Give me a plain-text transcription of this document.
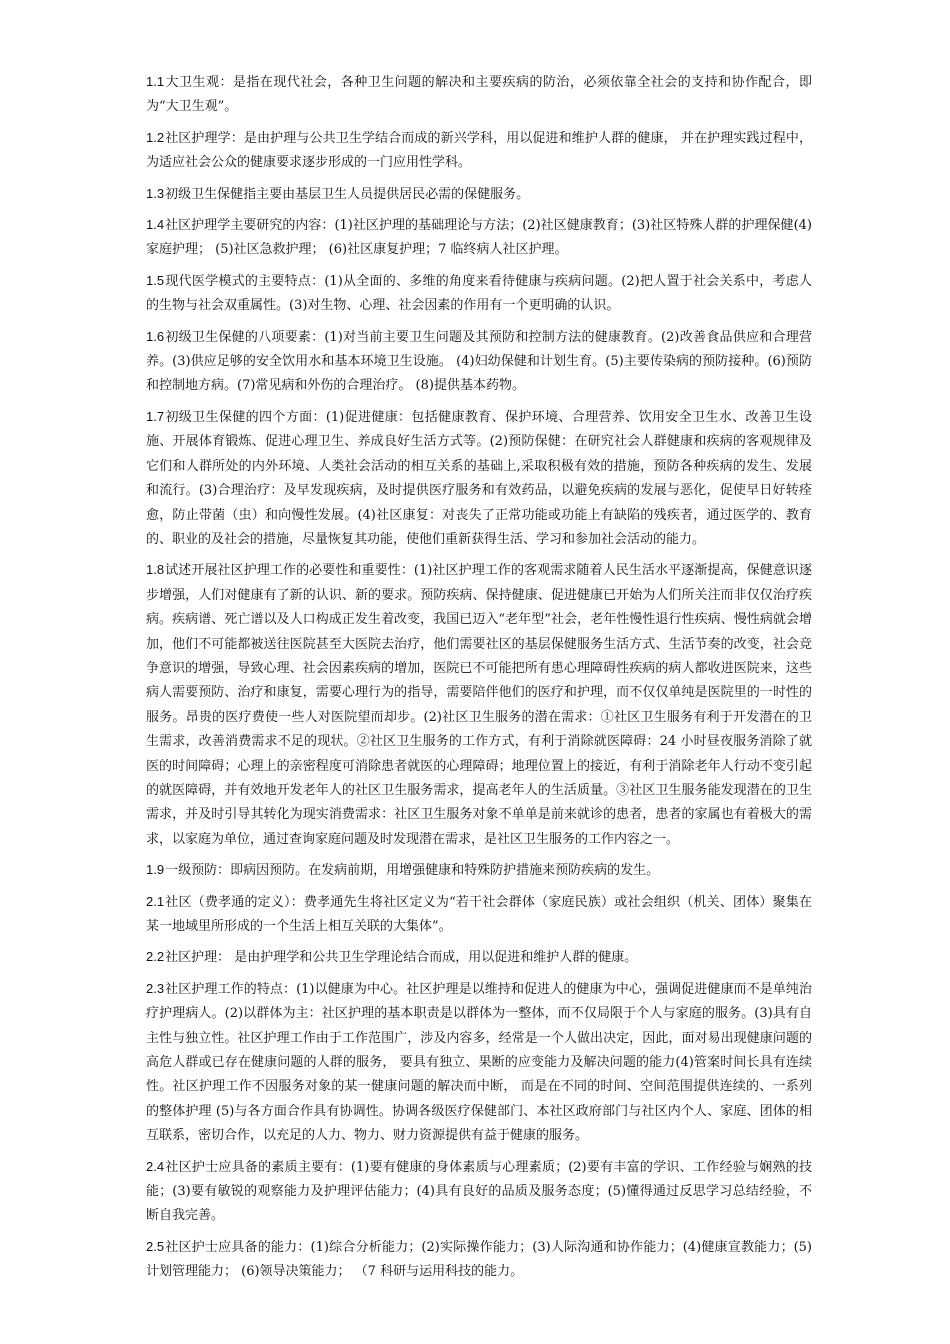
1.1大卫生观：是指在现代社会，各种卫生问题的解决和主要疾病的防治，必须依靠全社会的支持和协作配合，即为“大卫生观”。

1.2社区护理学：是由护理与公共卫生学结合而成的新兴学科，用以促进和维护人群的健康， 并在护理实践过程中，为适应社会公众的健康要求逐步形成的一门应用性学科。

1.3初级卫生保健指主要由基层卫生人员提供居民必需的保健服务。

1.4社区护理学主要研究的内容：(1)社区护理的基础理论与方法；(2)社区健康教育；(3)社区特殊人群的护理保健(4)家庭护理； (5)社区急救护理； (6)社区康复护理；7 临终病人社区护理。

1.5现代医学模式的主要特点：(1)从全面的、多维的角度来看待健康与疾病问题。(2)把人置于社会关系中，考虑人的生物与社会双重属性。(3)对生物、心理、社会因素的作用有一个更明确的认识。

1.6初级卫生保健的八项要素：(1)对当前主要卫生问题及其预防和控制方法的健康教育。(2)改善食品供应和合理营养。(3)供应足够的安全饮用水和基本环境卫生设施。 (4)妇幼保健和计划生育。(5)主要传染病的预防接种。(6)预防和控制地方病。(7)常见病和外伤的合理治疗。 (8)提供基本药物。

1.7初级卫生保健的四个方面：(1)促进健康：包括健康教育、保护环境、合理营养、饮用安全卫生水、改善卫生设施、开展体育锻炼、促进心理卫生、养成良好生活方式等。(2)预防保健：在研究社会人群健康和疾病的客观规律及它们和人群所处的内外环境、人类社会活动的相互关系的基础上,采取积极有效的措施，预防各种疾病的发生、发展和流行。(3)合理治疗：及早发现疾病，及时提供医疗服务和有效药品，以避免疾病的发展与恶化，促使早日好转痊愈，防止带菌（虫）和向慢性发展。(4)社区康复：对丧失了正常功能或功能上有缺陷的残疾者，通过医学的、教育的、职业的及社会的措施，尽量恢复其功能，使他们重新获得生活、学习和参加社会活动的能力。

1.8试述开展社区护理工作的必要性和重要性：(1)社区护理工作的客观需求随着人民生活水平逐渐提高，保健意识逐步增强，人们对健康有了新的认识、新的要求。预防疾病、保持健康、促进健康已开始为人们所关注而非仅仅治疗疾病。疾病谱、死亡谱以及人口构成正发生着改变，我国已迈入“老年型”社会，老年性慢性退行性疾病、慢性病就会增加，他们不可能都被送往医院甚至大医院去治疗，他们需要社区的基层保健服务生活方式、生活节奏的改变，社会竞争意识的增强，导致心理、社会因素疾病的增加，医院已不可能把所有患心理障碍性疾病的病人都收进医院来，这些病人需要预防、治疗和康复，需要心理行为的指导，需要陪伴他们的医疗和护理，而不仅仅单纯是医院里的一时性的服务。昂贵的医疗费使一些人对医院望而却步。(2)社区卫生服务的潜在需求：①社区卫生服务有利于开发潜在的卫生需求，改善消费需求不足的现状。②社区卫生服务的工作方式，有利于消除就医障碍：24 小时昼夜服务消除了就医的时间障碍；心理上的亲密程度可消除患者就医的心理障碍；地理位置上的接近，有利于消除老年人行动不变引起的就医障碍，并有效地开发老年人的社区卫生服务需求，提高老年人的生活质量。③社区卫生服务能发现潜在的卫生需求，并及时引导其转化为现实消费需求：社区卫生服务对象不单单是前来就诊的患者，患者的家属也有着极大的需求，以家庭为单位，通过查询家庭问题及时发现潜在需求，是社区卫生服务的工作内容之一。

1.9一级预防：即病因预防。在发病前期，用增强健康和特殊防护措施来预防疾病的发生。

2.1社区（费孝通的定义）：费孝通先生将社区定义为“若干社会群体（家庭民族）或社会组织（机关、团体）聚集在某一地域里所形成的一个生活上相互关联的大集体”。

2.2社区护理： 是由护理学和公共卫生学理论结合而成，用以促进和维护人群的健康。

2.3社区护理工作的特点：(1)以健康为中心。社区护理是以维持和促进人的健康为中心，强调促进健康而不是单纯治疗护理病人。(2)以群体为主：社区护理的基本职责是以群体为一整体，而不仅局限于个人与家庭的服务。(3)具有自主性与独立性。社区护理工作由于工作范围广，涉及内容多，经常是一个人做出决定，因此，面对易出现健康问题的高危人群或已存在健康问题的人群的服务， 要具有独立、果断的应变能力及解决问题的能力(4)管案时间长具有连续性。社区护理工作不因服务对象的某一健康问题的解决而中断， 而是在不同的时间、空间范围提供连续的、一系列的整体护理 (5)与各方面合作具有协调性。协调各级医疗保健部门、本社区政府部门与社区内个人、家庭、团体的相互联系，密切合作，以充足的人力、物力、财力资源提供有益于健康的服务。

2.4社区护士应具备的素质主要有：(1)要有健康的身体素质与心理素质；(2)要有丰富的学识、工作经验与娴熟的技能；(3)要有敏锐的观察能力及护理评估能力；(4)具有良好的品质及服务态度；(5)懂得通过反思学习总结经验，不断自我完善。

2.5社区护士应具备的能力：(1)综合分析能力；(2)实际操作能力；(3)人际沟通和协作能力；(4)健康宣教能力；(5)计划管理能力； (6)领导决策能力； （7 科研与运用科技的能力。
